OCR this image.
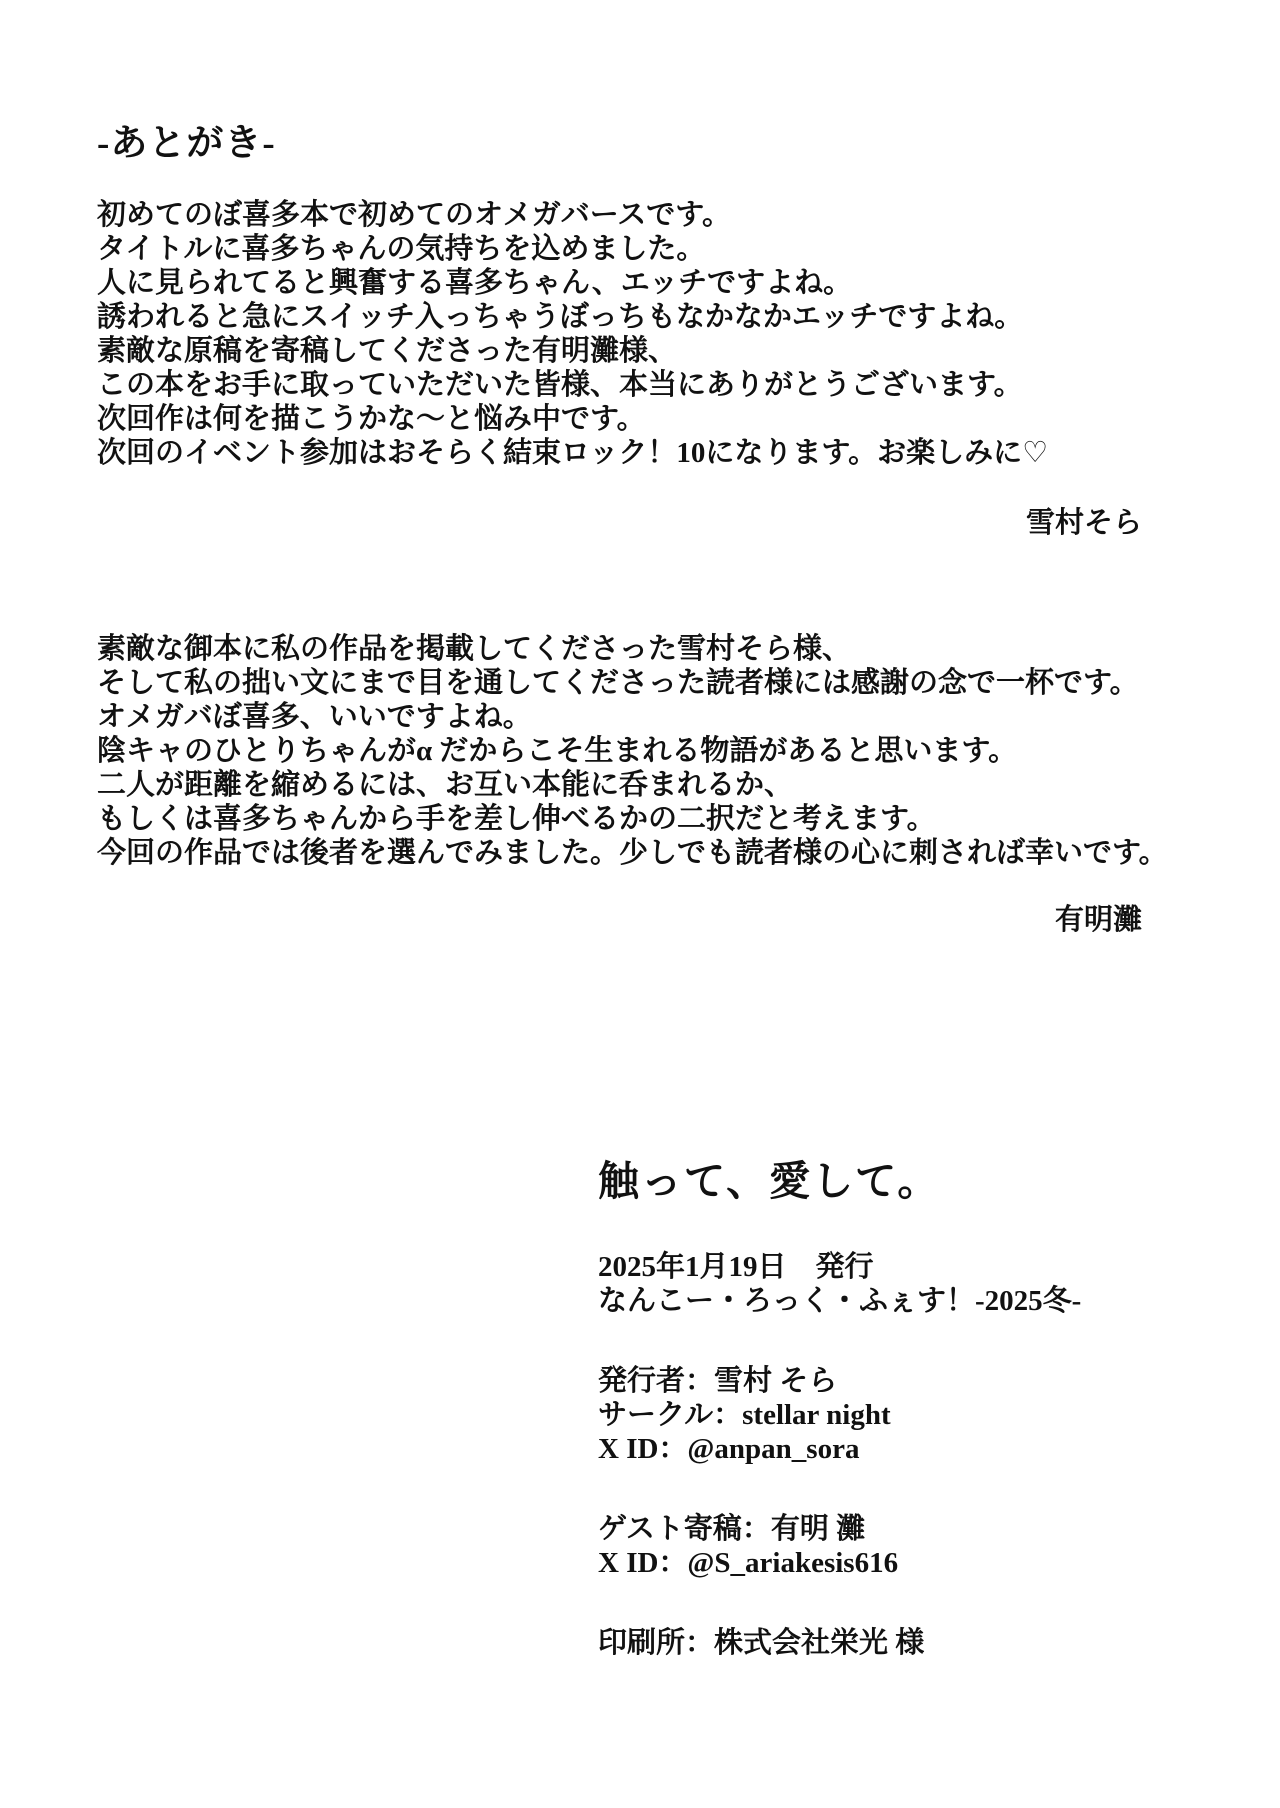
-あとがき-
初めてのぼ喜多本で初めてのオメガバースです。
タイトルに喜多ちゃんの気持ちを込めました。
人に見られてると興奮する喜多ちゃん、エッチですよね。
誘われると急にスイッチ入っちゃうぼっちもなかなかエッチですよね。
素敵な原稿を寄稿してくださった有明灘様、
この本をお手に取っていただいた皆様、本当にありがとうございます。
次回作は何を描こうかな～と悩み中です。
次回のイベント参加はおそらく結束ロック！10になります。お楽しみに♡
雪村そら
素敵な御本に私の作品を掲載してくださった雪村そら様、
そして私の拙い文にまで目を通してくださった読者様には感謝の念で一杯です。
オメガバぼ喜多、いいですよね。
陰キャのひとりちゃんがα だからこそ生まれる物語があると思います。
二人が距離を縮めるには、お互い本能に呑まれるか、
もしくは喜多ちゃんから手を差し伸べるかの二択だと考えます。
今回の作品では後者を選んでみました。少しでも読者様の心に刺されば幸いです。
有明灘
触って、愛して。
2025年1月19日　発行
なんこー・ろっく・ふぇす！-2025冬-
発行者：雪村 そら
サークル：stellar night
X ID：@anpan_sora
ゲスト寄稿：有明 灘
X ID：@S_ariakesis616
印刷所：株式会社栄光 様
